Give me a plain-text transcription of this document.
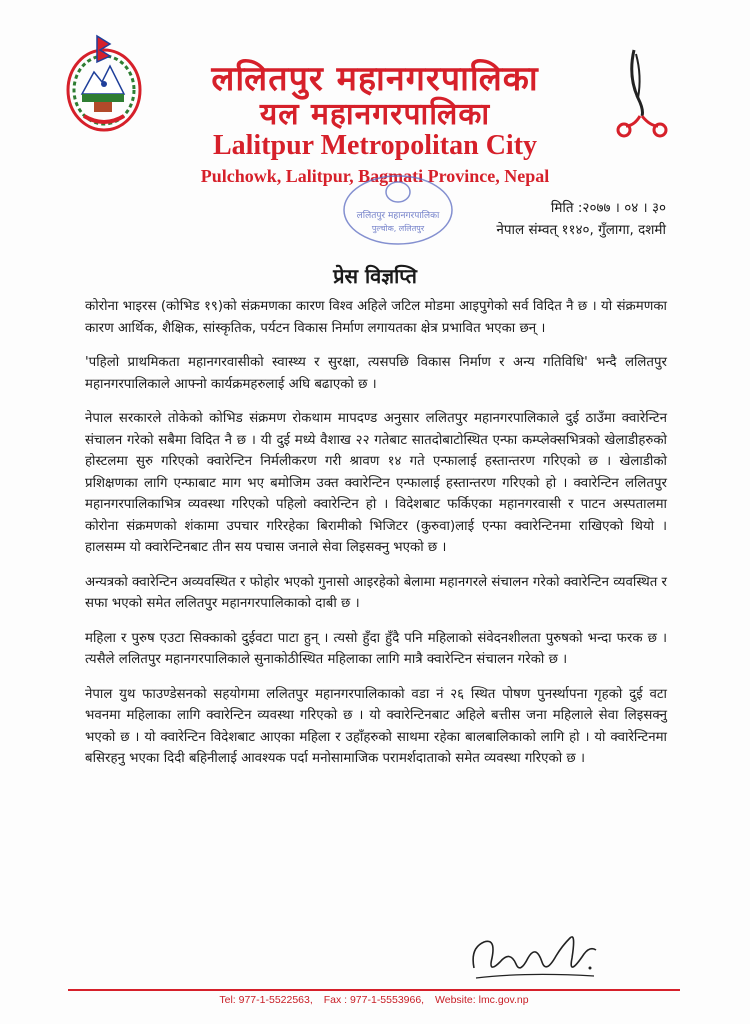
ललितपुर महानगरपालिका
यल महानगरपालिका
Lalitpur Metropolitan City
Pulchowk, Lalitpur, Bagmati Province, Nepal
ललितपुर महानगरपालिका
पुल्चोक, ललितपुर
मिति :२०७७ । ०४ । ३०
नेपाल संम्वत् ११४०, गुँलागा, दशमी
प्रेस विज्ञप्ति

कोरोना भाइरस (कोभिड १९)को संक्रमणका कारण विश्व अहिले जटिल मोडमा आइपुगेको सर्व विदित नै छ । यो संक्रमणका कारण आर्थिक, शैक्षिक, सांस्कृतिक, पर्यटन विकास निर्माण लगायतका क्षेत्र प्रभावित भएका छन् ।

'पहिलो प्राथमिकता महानगरवासीको स्वास्थ्य र सुरक्षा, त्यसपछि विकास निर्माण र अन्य गतिविधि' भन्दै ललितपुर महानगरपालिकाले आफ्नो कार्यक्रमहरुलाई अघि बढाएको छ ।

नेपाल सरकारले तोकेको कोभिड संक्रमण रोकथाम मापदण्ड अनुसार ललितपुर महानगरपालिकाले दुई ठाउँमा क्वारेन्टिन संचालन गरेको सबैमा विदित नै छ । यी दुई मध्ये वैशाख २२ गतेबाट सातदोबाटोस्थित एन्फा कम्प्लेक्सभित्रको खेलाडीहरुको होस्टलमा सुरु गरिएको क्वारेन्टिन निर्मलीकरण गरी श्रावण १४ गते एन्फालाई हस्तान्तरण गरिएको छ । खेलाडीको प्रशिक्षणका लागि एन्फाबाट माग भए बमोजिम उक्त क्वारेन्टिन एन्फालाई हस्तान्तरण गरिएको हो । क्वारेन्टिन ललितपुर महानगरपालिकाभित्र व्यवस्था गरिएको पहिलो क्वारेन्टिन हो । विदेशबाट फर्किएका महानगरवासी र पाटन अस्पतालमा कोरोना संक्रमणको शंकामा उपचार गरिरहेका बिरामीको भिजिटर (कुरुवा)लाई एन्फा क्वारेन्टिनमा राखिएको थियो । हालसम्म यो क्वारेन्टिनबाट तीन सय पचास जनाले सेवा लिइसक्नु भएको छ ।

अन्यत्रको क्वारेन्टिन अव्यवस्थित र फोहोर भएको गुनासो आइरहेको बेलामा महानगरले संचालन गरेको क्वारेन्टिन व्यवस्थित र सफा भएको समेत ललितपुर महानगरपालिकाको दाबी छ ।

महिला र पुरुष एउटा सिक्काको दुईवटा पाटा हुन् । त्यसो हुँदा हुँदै पनि महिलाको संवेदनशीलता पुरुषको भन्दा फरक छ । त्यसैले ललितपुर महानगरपालिकाले सुनाकोठीस्थित महिलाका लागि मात्रै क्वारेन्टिन संचालन गरेको छ ।

नेपाल युथ फाउण्डेसनको सहयोगमा ललितपुर महानगरपालिकाको वडा नं २६ स्थित पोषण पुनर्स्थापना गृहको दुई वटा भवनमा महिलाका लागि क्वारेन्टिन व्यवस्था गरिएको छ । यो क्वारेन्टिनबाट अहिले बत्तीस जना महिलाले सेवा लिइसक्नु भएको छ । यो क्वारेन्टिन विदेशबाट आएका महिला र उहाँहरुको साथमा रहेका बालबालिकाको लागि हो । यो क्वारेन्टिनमा बसिरहनु भएका दिदी बहिनीलाई आवश्यक पर्दा मनोसामाजिक परामर्शदाताको समेत व्यवस्था गरिएको छ ।

Tel: 977-1-5522563, Fax : 977-1-5553966, Website: lmc.gov.np
